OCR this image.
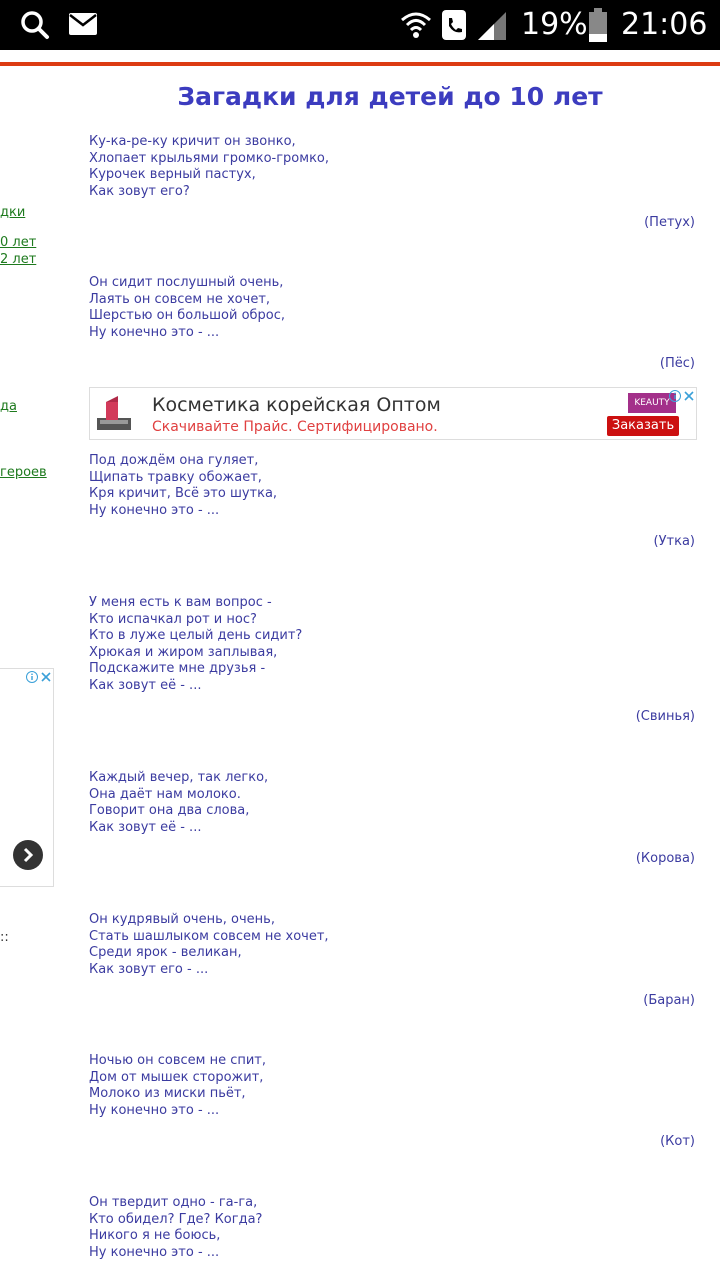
19% 21:06
Загадки для детей до 10 лет
дки
0 лет
2 лет
да
героев
::
Косметика корейская Оптом
Скачивайте Прайс. Сертифицировано.
KEAUTY
Заказать
Ку-ка-ре-ку кричит он звонко,
Хлопает крыльями громко-громко,
Курочек верный пастух,
Как зовут его?
(Петух)
Он сидит послушный очень,
Лаять он совсем не хочет,
Шерстью он большой оброс,
Ну конечно это - ...
(Пёс)
Под дождём она гуляет,
Щипать травку обожает,
Кря кричит, Всё это шутка,
Ну конечно это - ...
(Утка)
У меня есть к вам вопрос -
Кто испачкал рот и нос?
Кто в луже целый день сидит?
Хрюкая и жиром заплывая,
Подскажите мне друзья -
Как зовут её - ...
(Свинья)
Каждый вечер, так легко,
Она даёт нам молоко.
Говорит она два слова,
Как зовут её - ...
(Корова)
Он кудрявый очень, очень,
Стать шашлыком совсем не хочет,
Среди ярок - великан,
Как зовут его - ...
(Баран)
Ночью он совсем не спит,
Дом от мышек сторожит,
Молоко из миски пьёт,
Ну конечно это - ...
(Кот)
Он твердит одно - га-га,
Кто обидел? Где? Когда?
Никого я не боюсь,
Ну конечно это - ...
